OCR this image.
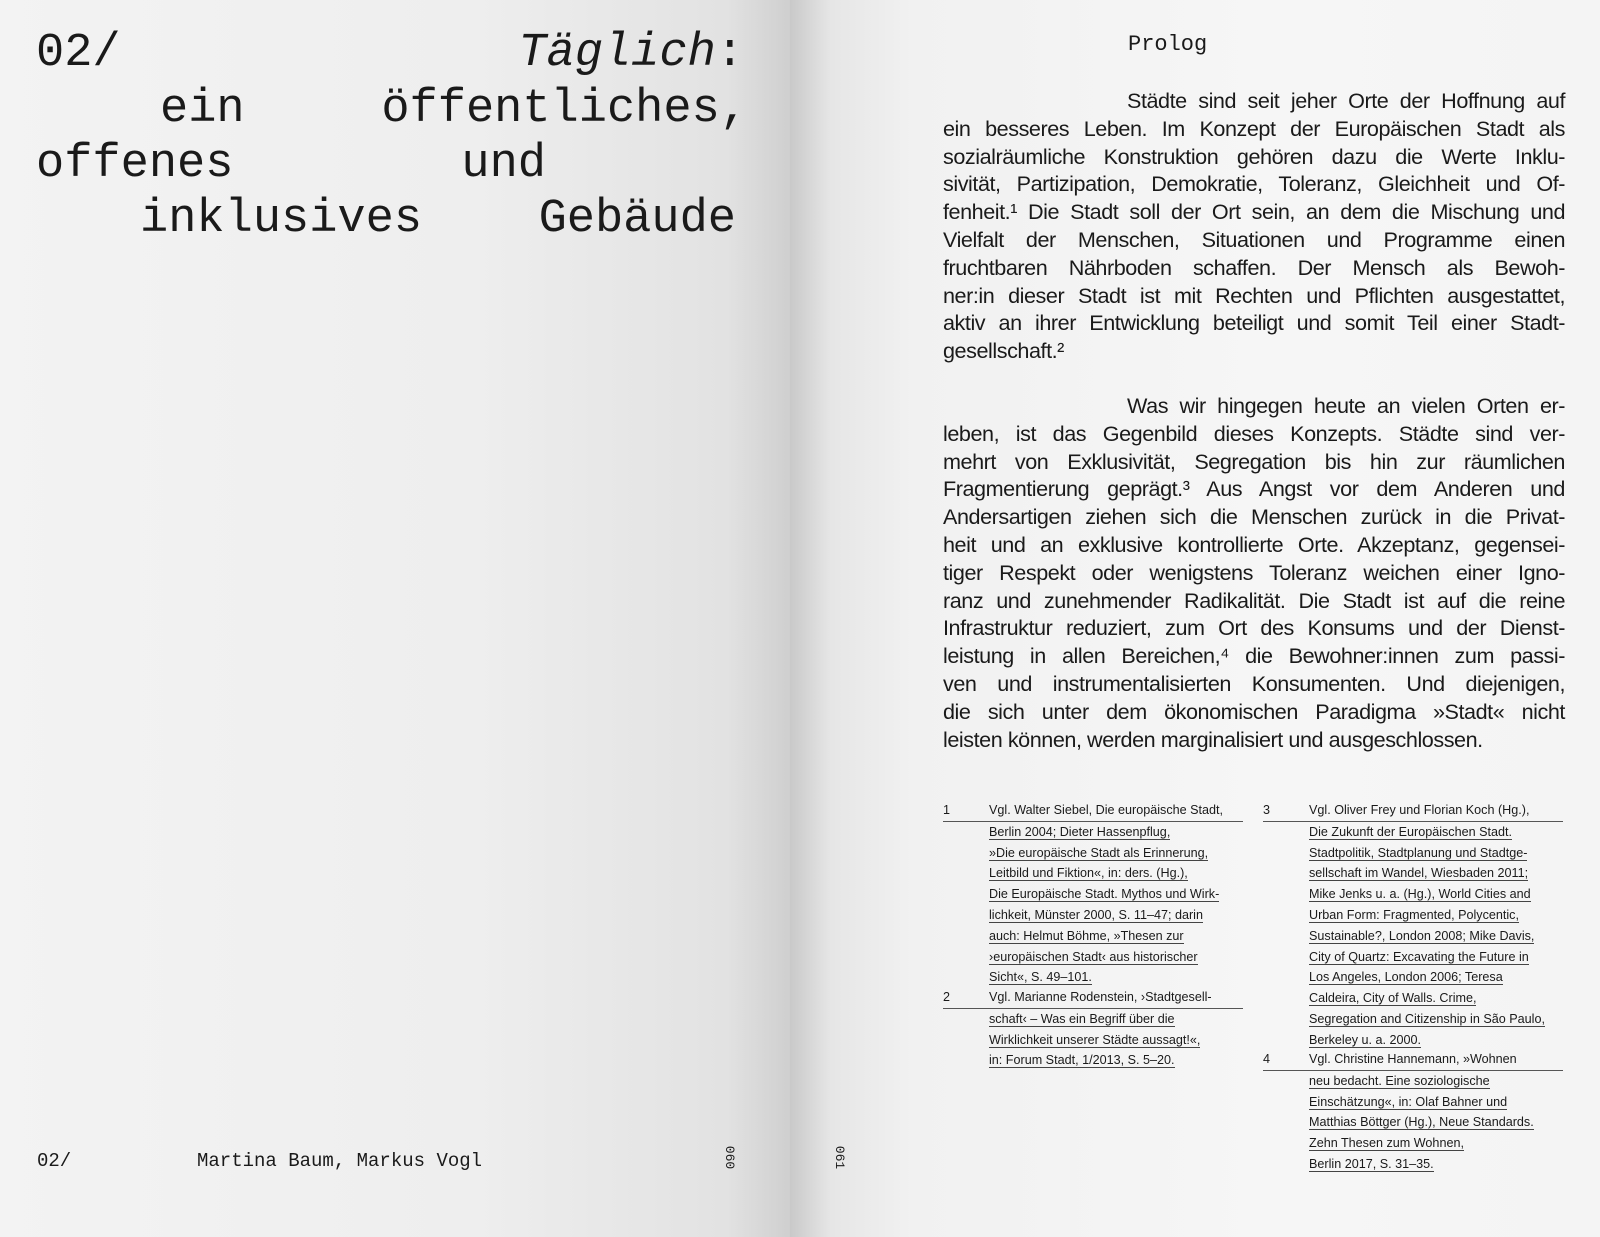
02/	Täglich:
ein	öffentliches,
offenes	und
inklusives Gebäude
02/	Martina Baum, Markus Vogl	060	061
Prolog
Städte sind seit jeher Orte der Hoffnung auf
ein besseres Leben. Im Konzept der Europäischen Stadt als
sozialräumliche Konstruktion gehören dazu die Werte Inklu-
sivität, Partizipation, Demokratie, Toleranz, Gleichheit und Of-
fenheit.¹ Die Stadt soll der Ort sein, an dem die Mischung und
Vielfalt der Menschen, Situationen und Programme einen
fruchtbaren Nährboden schaffen. Der Mensch als Bewoh-
ner:in dieser Stadt ist mit Rechten und Pflichten ausgestattet,
aktiv an ihrer Entwicklung beteiligt und somit Teil einer Stadt-
gesellschaft.²
Was wir hingegen heute an vielen Orten er-
leben, ist das Gegenbild dieses Konzepts. Städte sind ver-
mehrt von Exklusivität, Segregation bis hin zur räumlichen
Fragmentierung geprägt.³ Aus Angst vor dem Anderen und
Andersartigen ziehen sich die Menschen zurück in die Privat-
heit und an exklusive kontrollierte Orte. Akzeptanz, gegensei-
tiger Respekt oder wenigstens Toleranz weichen einer Igno-
ranz und zunehmender Radikalität. Die Stadt ist auf die reine
Infrastruktur reduziert, zum Ort des Konsums und der Dienst-
leistung in allen Bereichen,⁴ die Bewohner:innen zum passi-
ven und instrumentalisierten Konsumenten. Und diejenigen,
die sich unter dem ökonomischen Paradigma »Stadt« nicht
leisten können, werden marginalisiert und ausgeschlossen.
1	Vgl. Walter Siebel, Die europäische Stadt,
Berlin 2004; Dieter Hassenpflug,
»Die europäische Stadt als Erinnerung,
Leitbild und Fiktion«, in: ders. (Hg.),
Die Europäische Stadt. Mythos und Wirk-
lichkeit, Münster 2000, S. 11–47; darin
auch: Helmut Böhme, »Thesen zur
›europäischen Stadt‹ aus historischer
Sicht«, S. 49–101.
2	Vgl. Marianne Rodenstein, ›Stadtgesell-
schaft‹ – Was ein Begriff über die
Wirklichkeit unserer Städte aussagt!«,
in: Forum Stadt, 1/2013, S. 5–20.
3	Vgl. Oliver Frey und Florian Koch (Hg.),
Die Zukunft der Europäischen Stadt.
Stadtpolitik, Stadtplanung und Stadtge-
sellschaft im Wandel, Wiesbaden 2011;
Mike Jenks u. a. (Hg.), World Cities and
Urban Form: Fragmented, Polycentic,
Sustainable?, London 2008; Mike Davis,
City of Quartz: Excavating the Future in
Los Angeles, London 2006; Teresa
Caldeira, City of Walls. Crime,
Segregation and Citizenship in São Paulo,
Berkeley u. a. 2000.
4	Vgl. Christine Hannemann, »Wohnen
neu bedacht. Eine soziologische
Einschätzung«, in: Olaf Bahner und
Matthias Böttger (Hg.), Neue Standards.
Zehn Thesen zum Wohnen,
Berlin 2017, S. 31–35.
